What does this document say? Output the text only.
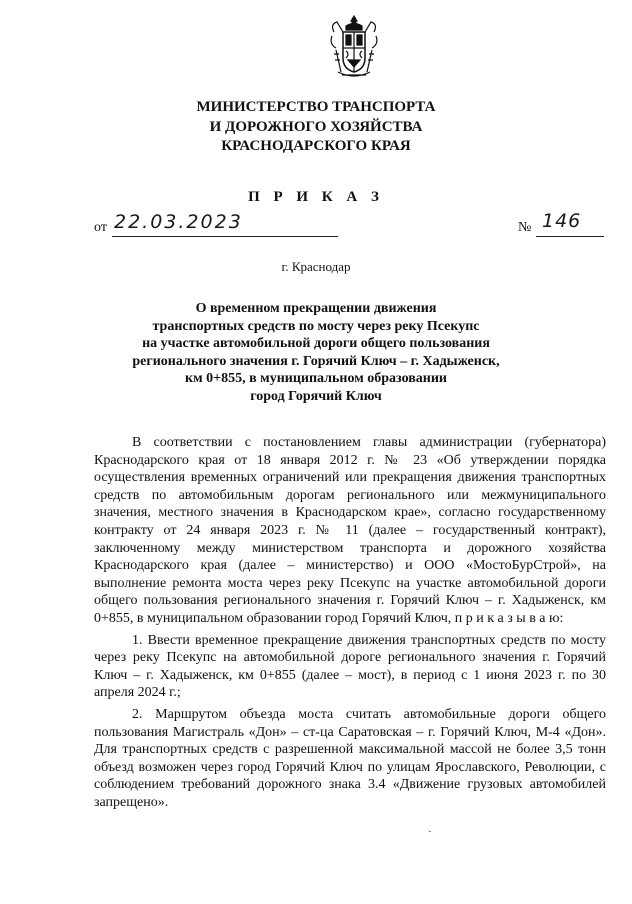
МИНИСТЕРСТВО ТРАНСПОРТА
И ДОРОЖНОГО ХОЗЯЙСТВА
КРАСНОДАРСКОГО КРАЯ
П Р И К А З
от 22.03.2023	№ 146
г. Краснодар
О временном прекращении движения
транспортных средств по мосту через реку Псекупс
на участке автомобильной дороги общего пользования
регионального значения г. Горячий Ключ – г. Хадыженск,
км 0+855, в муниципальном образовании
город Горячий Ключ

В соответствии с постановлением главы администрации (губернатора) Краснодарского края от 18 января 2012 г. № 23 «Об утверждении порядка осуществления временных ограничений или прекращения движения транспортных средств по автомобильным дорогам регионального или межмуниципального значения, местного значения в Краснодарском крае», согласно государственному контракту от 24 января 2023 г. № 11 (далее – государственный контракт), заключенному между министерством транспорта и дорожного хозяйства Краснодарского края (далее – министерство) и ООО «МостоБурСтрой», на выполнение ремонта моста через реку Псекупс на участке автомобильной дороги общего пользования регионального значения г. Горячий Ключ – г. Хадыженск, км 0+855, в муниципальном образовании город Горячий Ключ, п р и к а з ы в а ю:

1. Ввести временное прекращение движения транспортных средств по мосту через реку Псекупс на автомобильной дороге регионального значения г. Горячий Ключ – г. Хадыженск, км 0+855 (далее – мост), в период с 1 июня 2023 г. по 30 апреля 2024 г.;

2. Маршрутом объезда моста считать автомобильные дороги общего пользования Магистраль «Дон» – ст-ца Саратовская – г. Горячий Ключ, М-4 «Дон». Для транспортных средств с разрешенной максимальной массой не более 3,5 тонн объезд возможен через город Горячий Ключ по улицам Ярославского, Революции, с соблюдением требований дорожного знака 3.4 «Движение грузовых автомобилей запрещено».

·
